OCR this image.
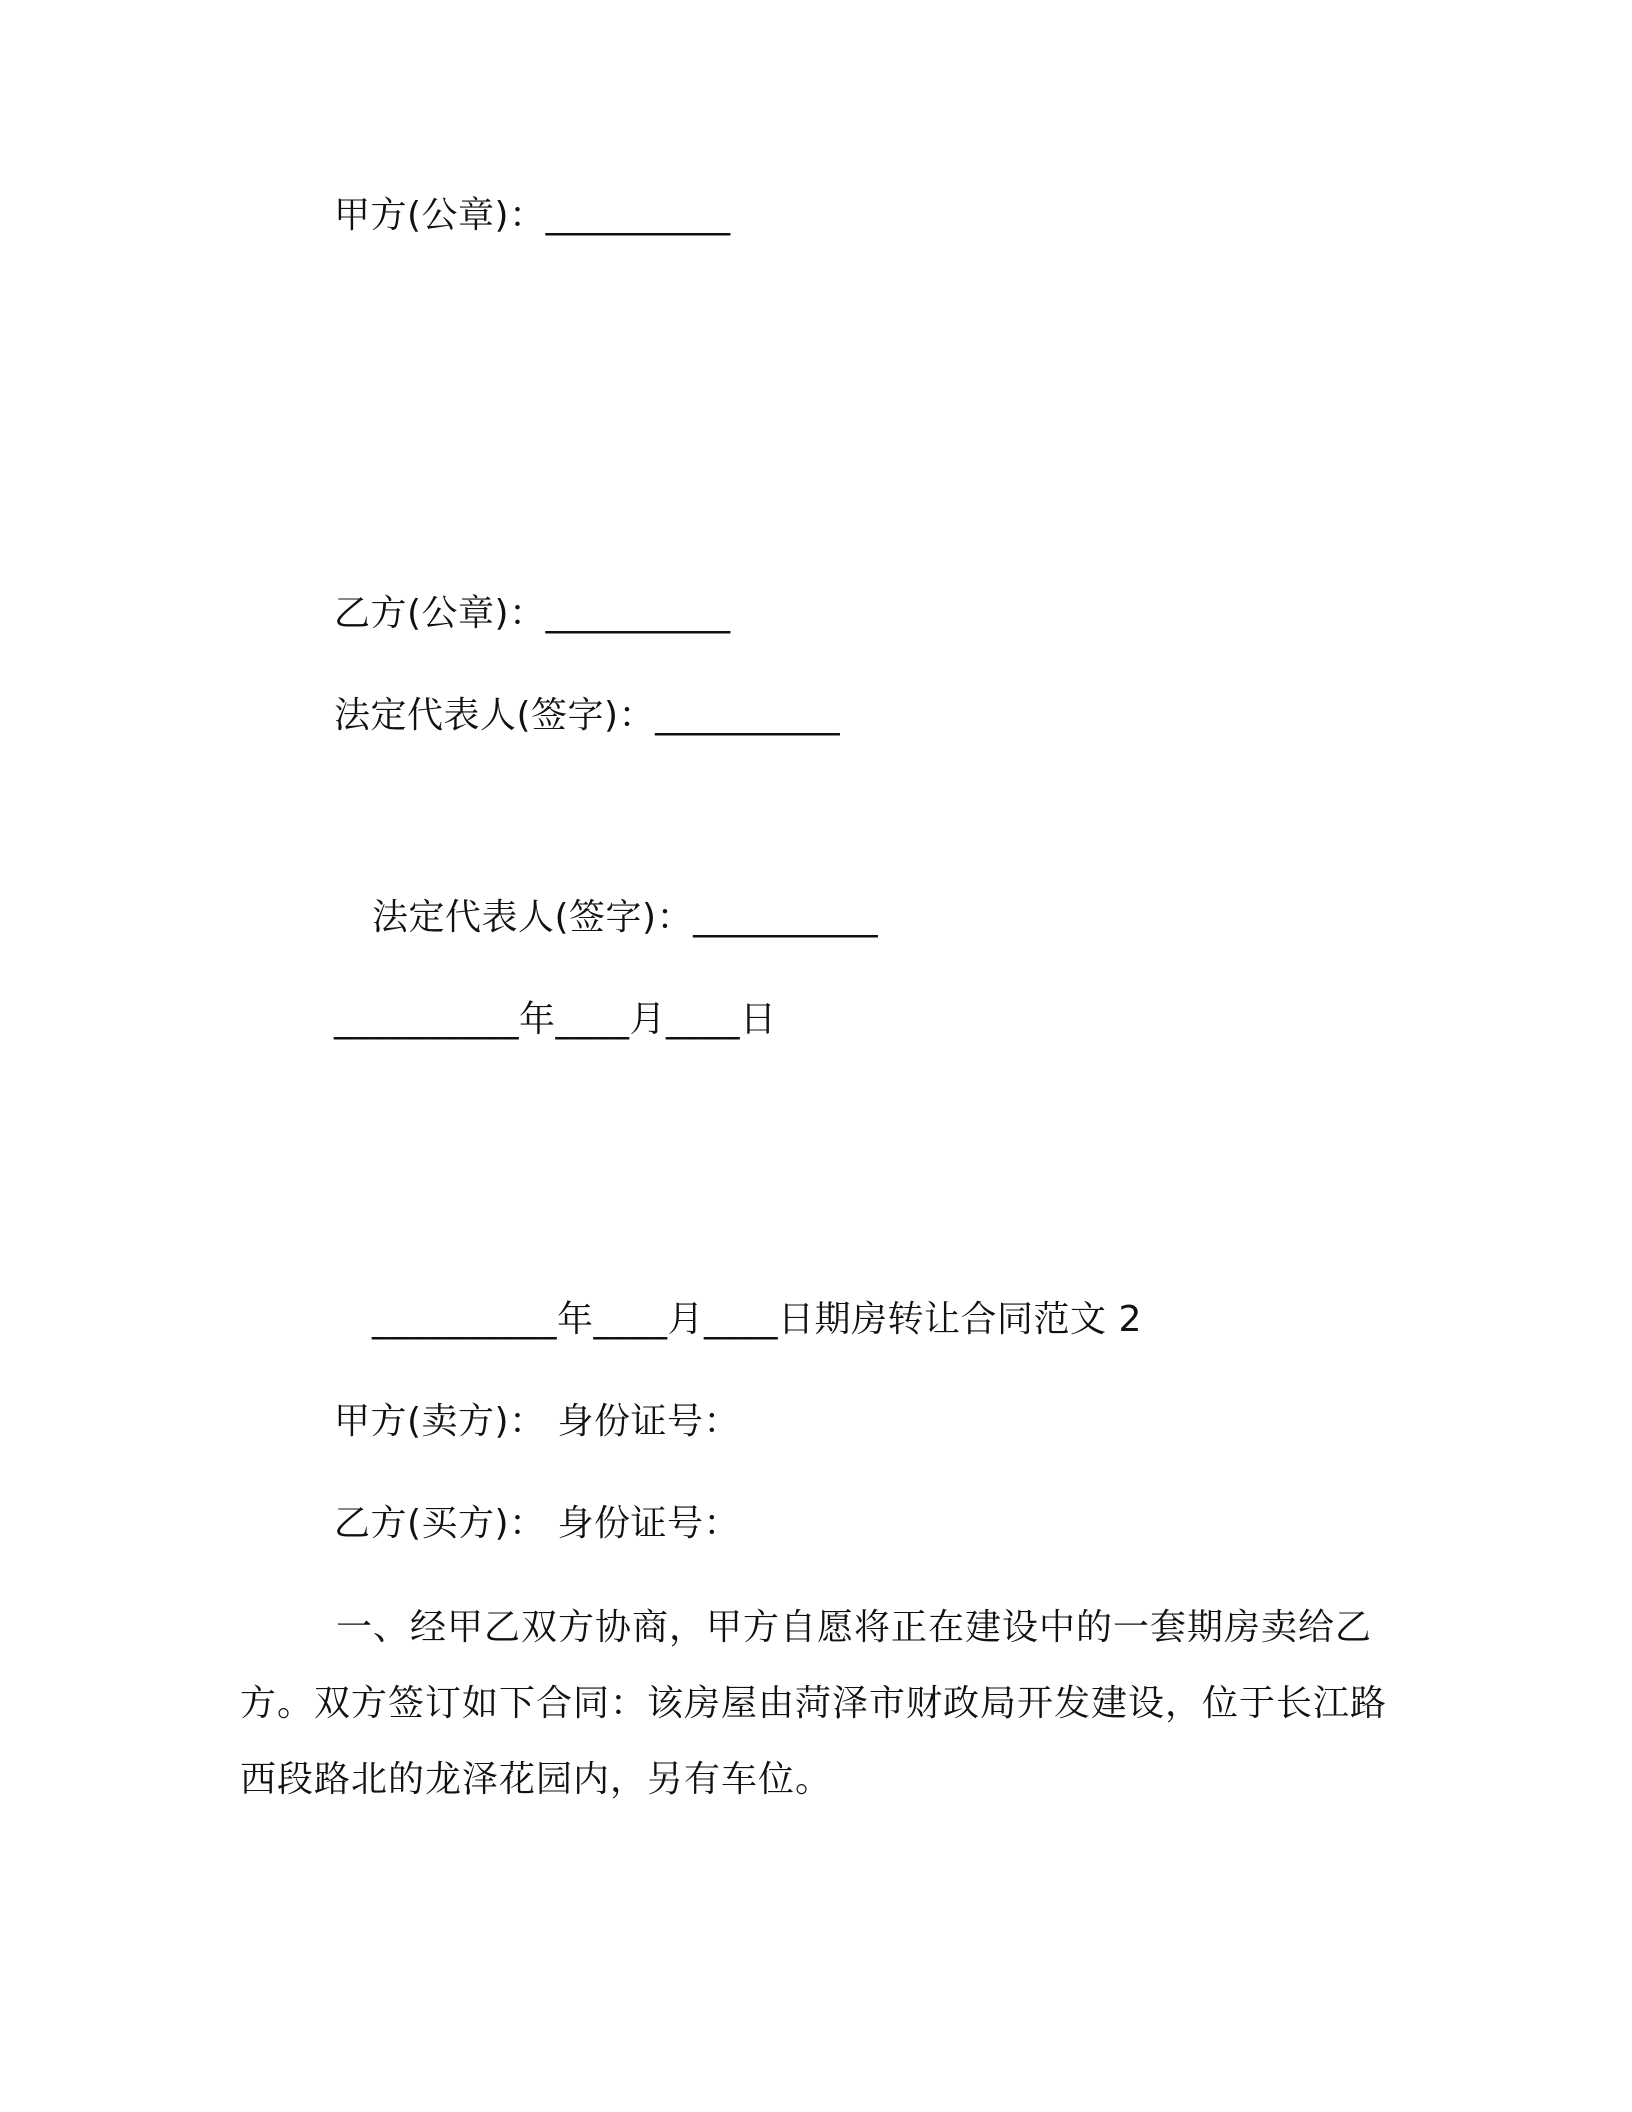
甲方(公章)：__________
乙方(公章)：__________
法定代表人(签字)：__________
法定代表人(签字)：__________
__________年____月____日
__________年____月____日期房转让合同范文 2
甲方(卖方)： 身份证号：
乙方(买方)： 身份证号：
一、经甲乙双方协商，甲方自愿将正在建设中的一套期房卖给乙方。双方签订如下合同：该房屋由菏泽市财政局开发建设，位于长江路西段路北的龙泽花园内，另有车位。
